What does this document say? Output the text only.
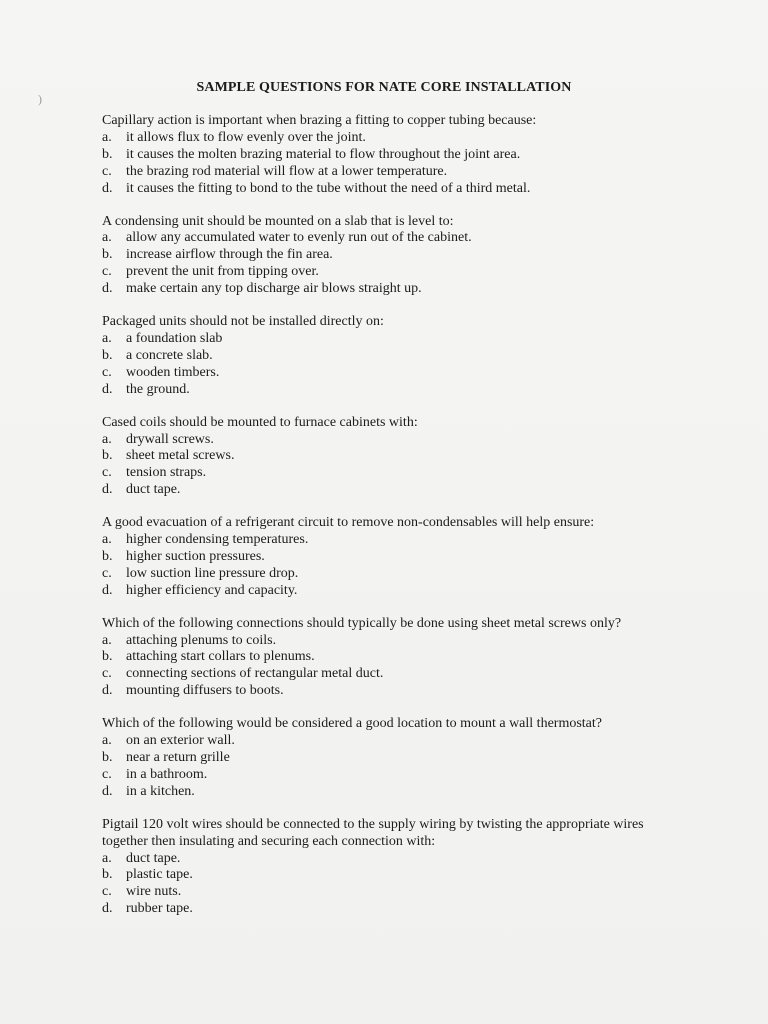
)
SAMPLE QUESTIONS FOR NATE CORE INSTALLATION
Capillary action is important when brazing a fitting to copper tubing because:
a.	it allows flux to flow evenly over the joint.
b. it causes the molten brazing material to flow throughout the joint area.
c.	the brazing rod material will flow at a lower temperature.
d. it causes the fitting to bond to the tube without the need of a third metal.
A condensing unit should be mounted on a slab that is level to:
a.	allow any accumulated water to evenly run out of the cabinet.
b. increase airflow through the fin area.
c.	prevent the unit from tipping over.
d. make certain any top discharge air blows straight up.
Packaged units should not be installed directly on:
a.	a foundation slab
b. a concrete slab.
c.	wooden timbers.
d. the ground.
Cased coils should be mounted to furnace cabinets with:
a.	drywall screws.
b. sheet metal screws.
c.	tension straps.
d. duct tape.
A good evacuation of a refrigerant circuit to remove non-condensables will help ensure:
a.	higher condensing temperatures.
b. higher suction pressures.
c.	low suction line pressure drop.
d. higher efficiency and capacity.
Which of the following connections should typically be done using sheet metal screws only?
a.	attaching plenums to coils.
b. attaching start collars to plenums.
c.	connecting sections of rectangular metal duct.
d. mounting diffusers to boots.
Which of the following would be considered a good location to mount a wall thermostat?
a.	on an exterior wall.
b. near a return grille
c.	in a bathroom.
d. in a kitchen.
Pigtail 120 volt wires should be connected to the supply wiring by twisting the appropriate wires together then insulating and securing each connection with:
a.	duct tape.
b. plastic tape.
c.	wire nuts.
d. rubber tape.
